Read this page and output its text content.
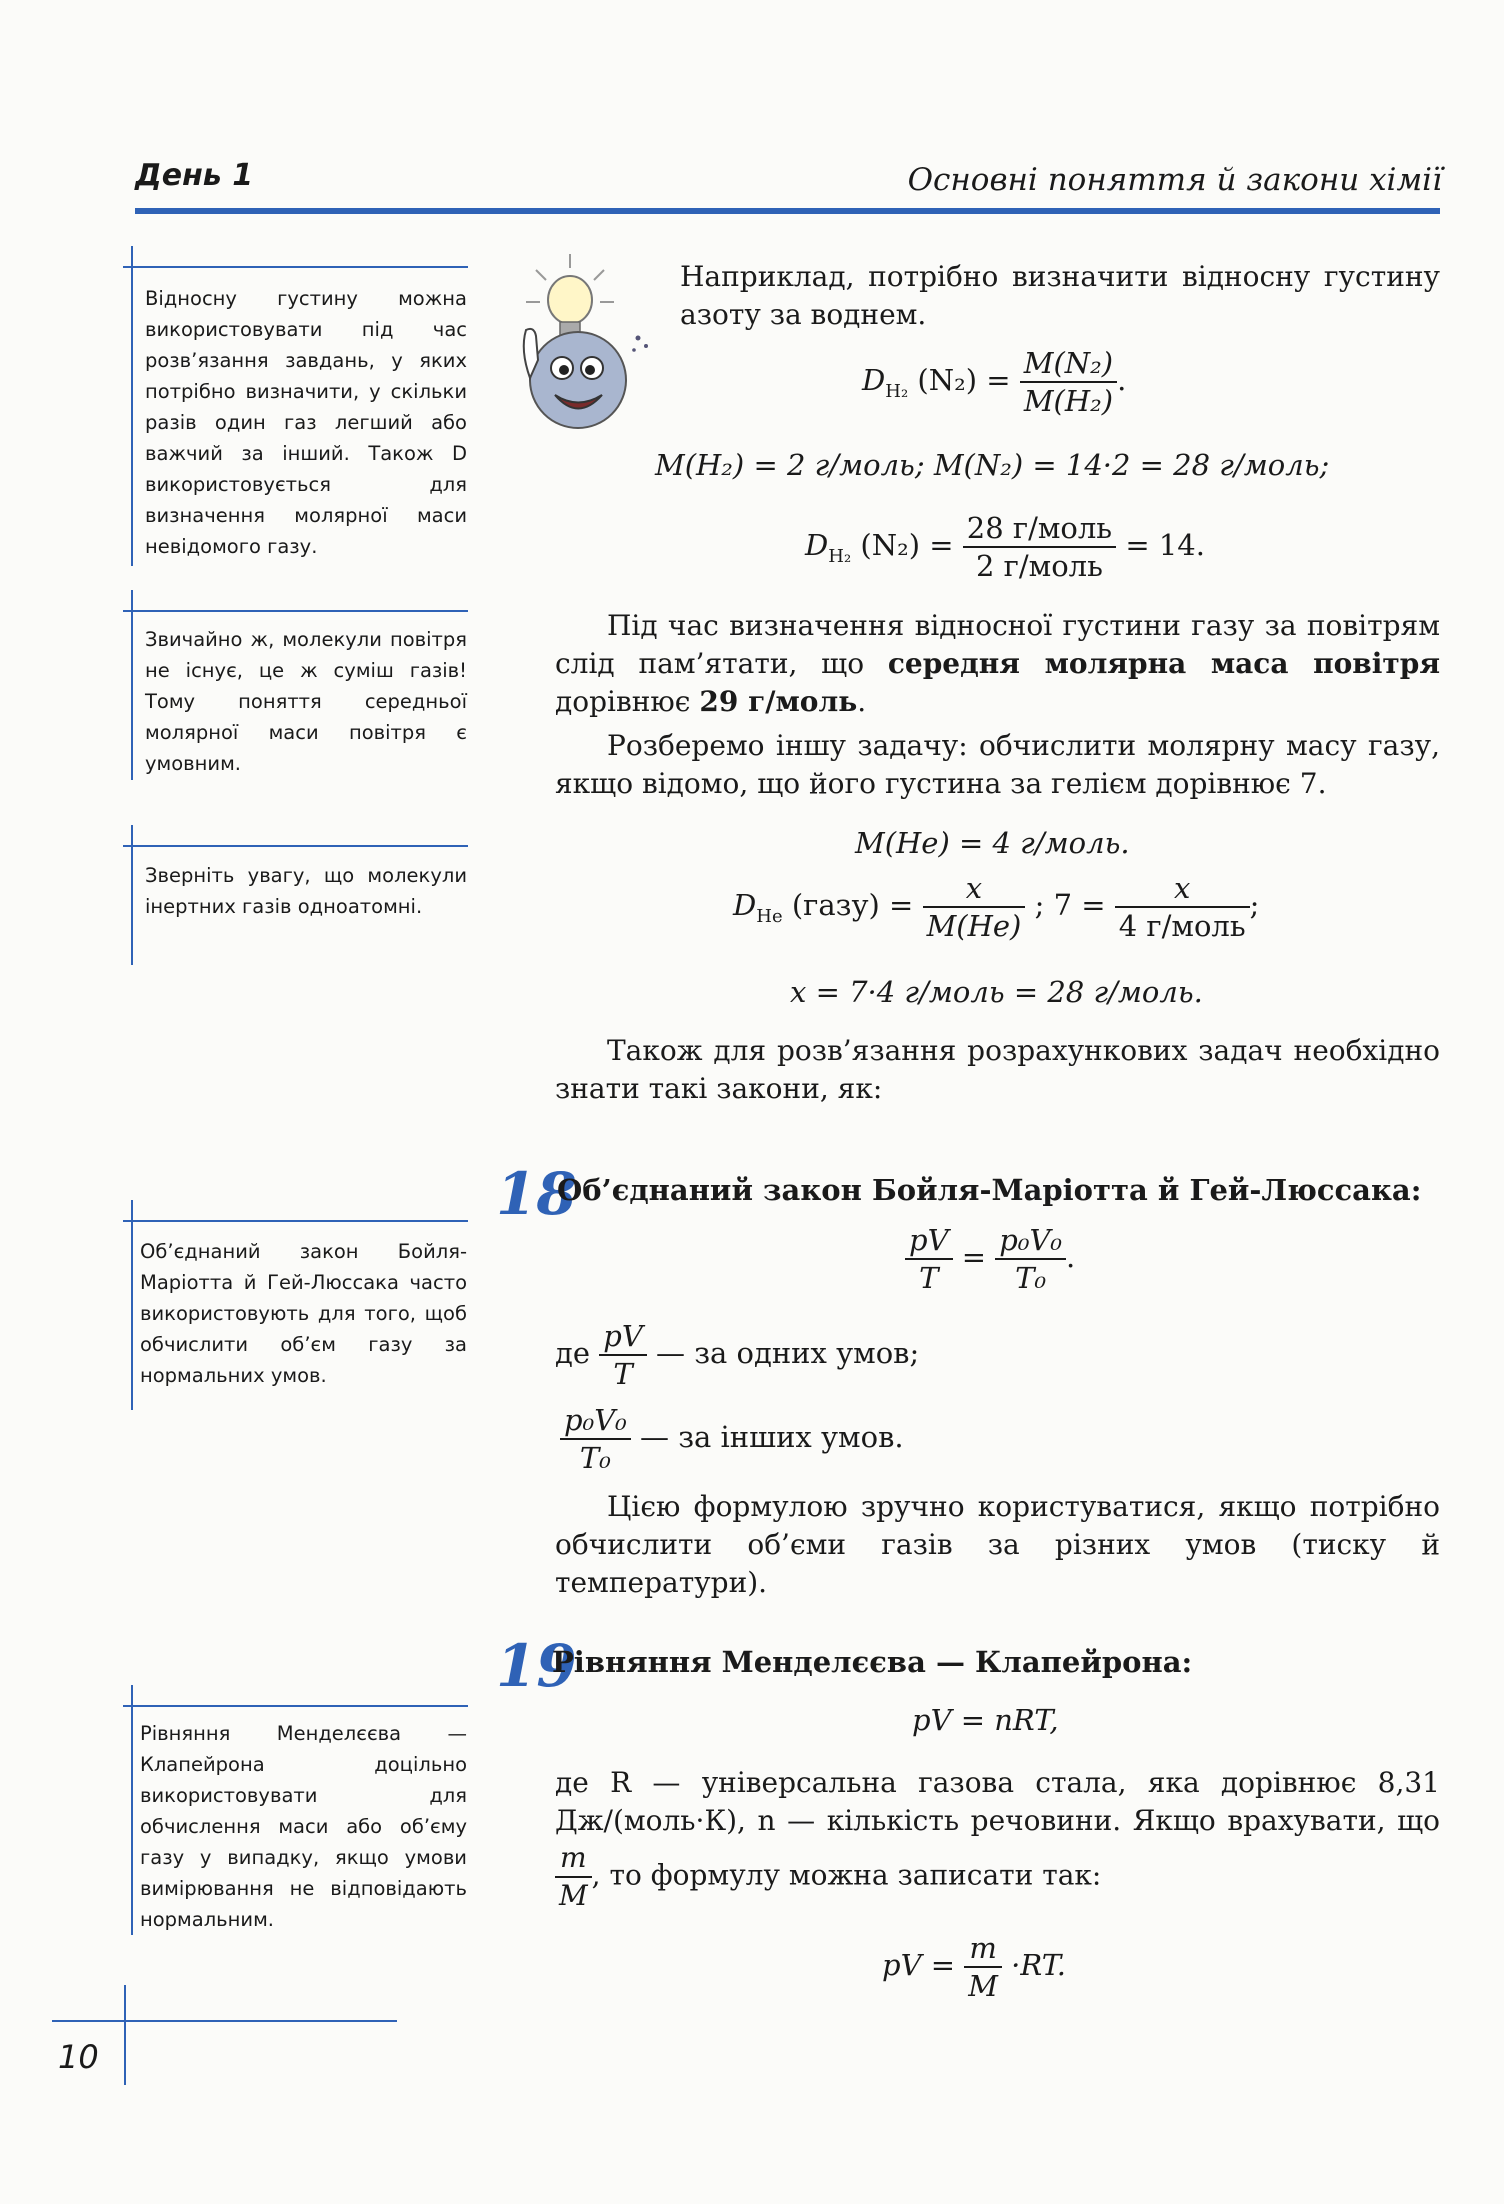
День 1	Основні поняття й закони хімії
Відносну густину можна використовувати під час розв’язання завдань, у яких потрібно визначити, у скільки разів один газ легший або важчий за інший. Також D використовується для визначення молярної маси невідомого газу.
Звичайно ж, молекули повітря не існує, це ж суміш газів! Тому поняття середньої молярної маси повітря є умовним.
Зверніть увагу, що молекули інертних газів одноатомні.
Об’єднаний закон Бойля-Маріотта й Гей-Люссака часто використовують для того, щоб обчислити об’єм газу за нормальних умов.
Рівняння Менделєєва — Клапейрона доцільно використовувати для обчислення маси або об’єму газу у випадку, якщо умови вимірювання не відповідають нормальним.
Наприклад, потрібно визначити відносну густину азоту за воднем.
$D_{H_2}$ $(N_2) = \frac{\text{M(N₂)}}{\text{M(H₂)}}$ .
M(H₂) = 2 г/моль; M(N₂) = 14·2 = 28 г/моль;
$D_{H_2}$ $(N_2) = \frac{\text{28 г/моль}}{\text{2 г/моль}} = 14$.
Під час визначення відносної густини газу за повітрям слід пам’ятати, що середня молярна маса повітря дорівнює 29 г/моль.
Розберемо іншу задачу: обчислити молярну масу газу, якщо відомо, що його густина за гелієм дорівнює 7.
M(He) = 4 г/моль.
$D_{He}$ (газу) = $\frac{x}{M(He)}$ ; $7 = \frac{x}{\text{4 г/моль}}$ ;
x = 7·4 г/моль = 28 г/моль.
Також для розв’язання розрахункових задач необхідно знати такі закони, як:
18
Об’єднаний закон Бойля-Маріотта й Гей-Люссака:
$\frac{pV}{T} = \frac{\text{p₀V₀}}{\text{T₀}}$ .
де $\frac{pV}{T}$ — за одних умов;
$\frac{\text{p₀V₀}}{\text{T₀}}$ — за інших умов.
Цією формулою зручно користуватися, якщо потрібно обчислити об’єми газів за різних умов (тиску й температури).
19
Рівняння Менделєєва — Клапейрона:
pV = nRT,
де R — універсальна газова стала, яка дорівнює 8,31 Дж/(моль·К), n — кількість речовини. Якщо врахувати, що
$\frac{m}{M}$ , то формулу можна записати так:
pV = $\frac{m}{M} \cdot RT$.
10
